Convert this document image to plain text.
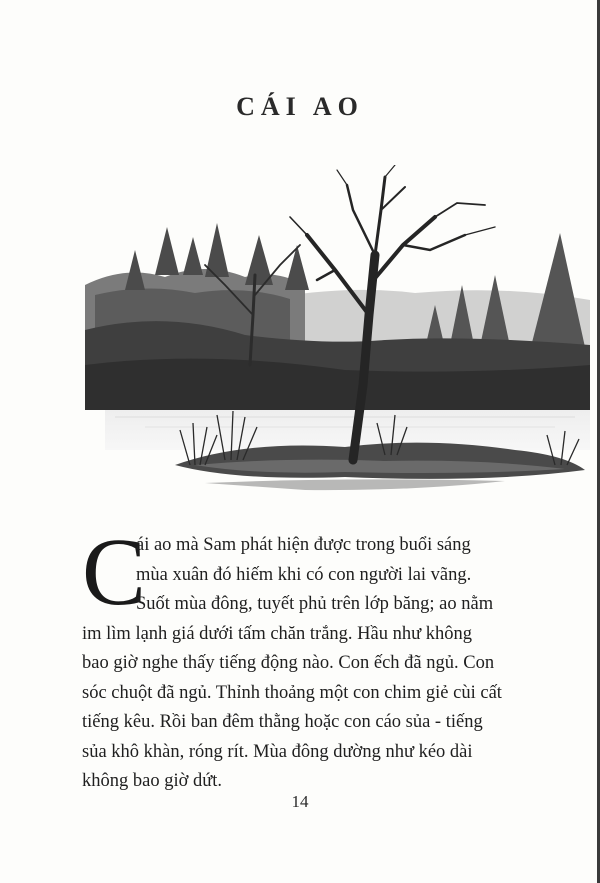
CÁI AO
C
ái ao mà Sam phát hiện được trong buổi sáng
mùa xuân đó hiếm khi có con người lai vãng.
Suốt mùa đông, tuyết phủ trên lớp băng; ao nằm
im lìm lạnh giá dưới tấm chăn trắng. Hầu như không
bao giờ nghe thấy tiếng động nào. Con ếch đã ngủ. Con
sóc chuột đã ngủ. Thỉnh thoảng một con chim giẻ cùi cất
tiếng kêu. Rồi ban đêm thằng hoặc con cáo sủa - tiếng
sủa khô khàn, róng rít. Mùa đông dường như kéo dài
không bao giờ dứt.
14
